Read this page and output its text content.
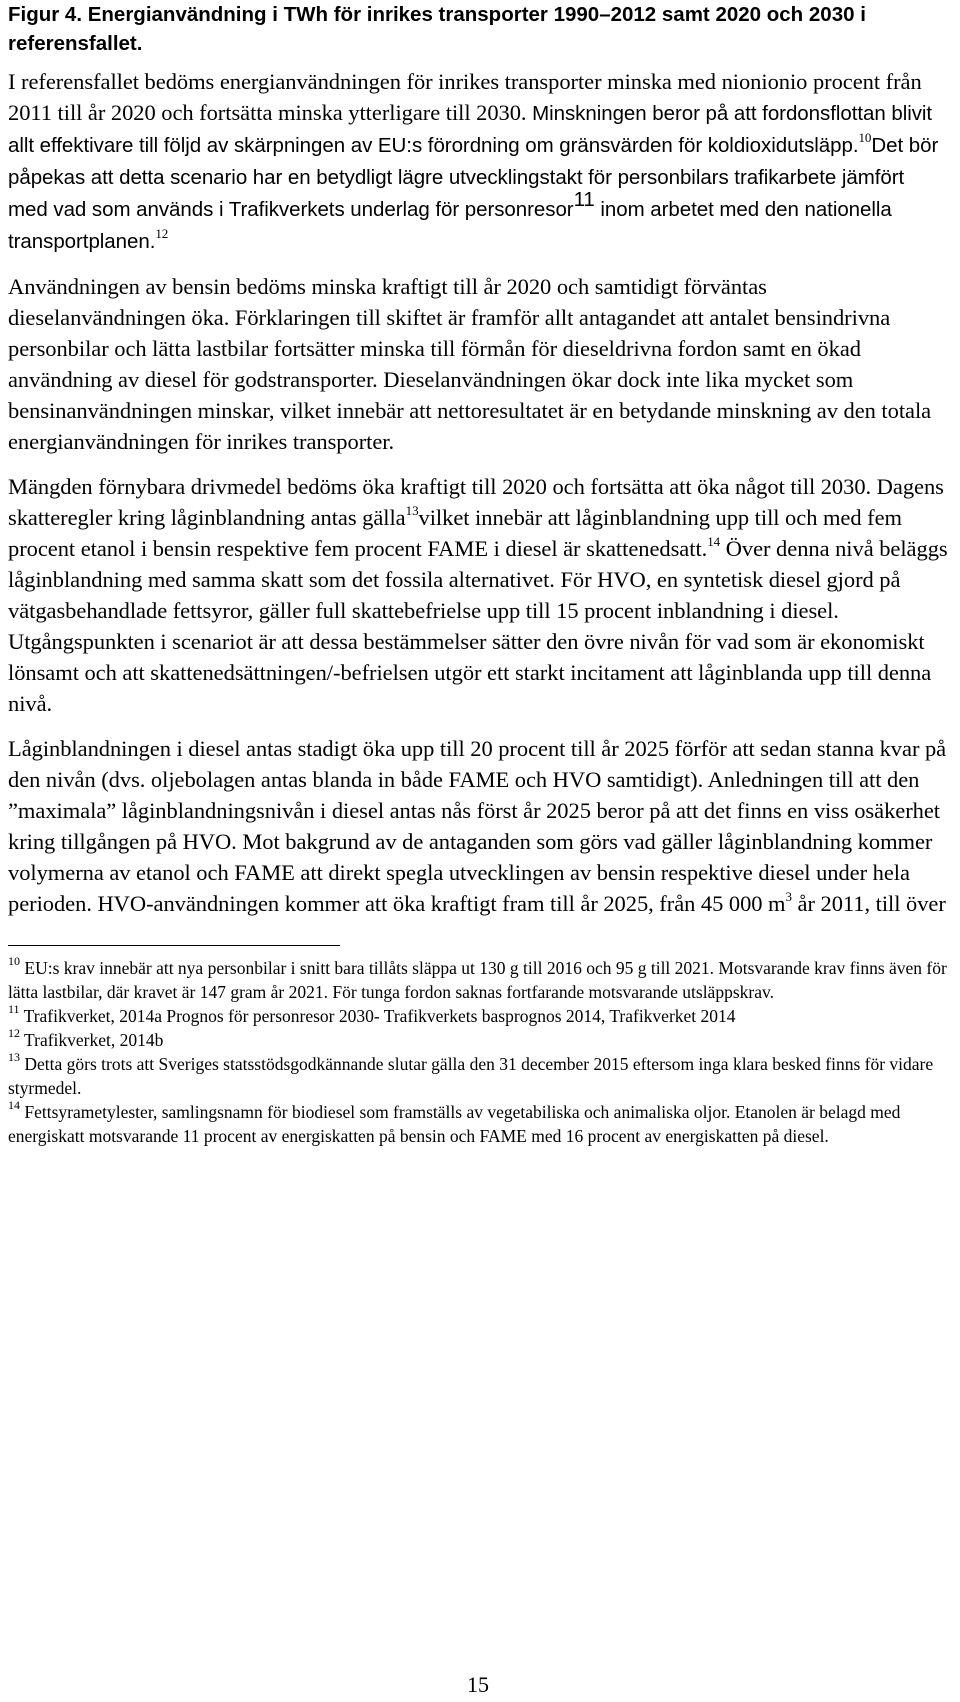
Figur 4. Energianvändning i TWh för inrikes transporter 1990–2012 samt 2020 och 2030 i referensfallet.

I referensfallet bedöms energianvändningen för inrikes transporter minska med nionionio procent från 2011 till år 2020 och fortsätta minska ytterligare till 2030. Minskningen beror på att fordonsflottan blivit allt effektivare till följd av skärpningen av EU:s förordning om gränsvärden för koldioxidutsläpp.$^{10}$Det bör påpekas att detta scenario har en betydligt lägre utvecklingstakt för personbilars trafikarbete jämfört med vad som används i Trafikverkets underlag för personresor$^{11}$ inom arbetet med den nationella transportplanen.$^{12}$

Användningen av bensin bedöms minska kraftigt till år 2020 och samtidigt förväntas dieselanvändningen öka. Förklaringen till skiftet är framför allt antagandet att antalet bensindrivna personbilar och lätta lastbilar fortsätter minska till förmån för dieseldrivna fordon samt en ökad användning av diesel för godstransporter. Dieselanvändningen ökar dock inte lika mycket som bensinanvändningen minskar, vilket innebär att nettoresultatet är en betydande minskning av den totala energianvändningen för inrikes transporter.

Mängden förnybara drivmedel bedöms öka kraftigt till 2020 och fortsätta att öka något till 2030. Dagens skatteregler kring låginblandning antas gälla$^{13}$vilket innebär att låginblandning upp till och med fem procent etanol i bensin respektive fem procent FAME i diesel är skattenedsatt.$^{14}$ Över denna nivå beläggs låginblandning med samma skatt som det fossila alternativet. För HVO, en syntetisk diesel gjord på vätgasbehandlade fettsyror, gäller full skattebefrielse upp till 15 procent inblandning i diesel. Utgångspunkten i scenariot är att dessa bestämmelser sätter den övre nivån för vad som är ekonomiskt lönsamt och att skattenedsättningen/-befrielsen utgör ett starkt incitament att låginblanda upp till denna nivå.

Låginblandningen i diesel antas stadigt öka upp till 20 procent till år 2025 förför att sedan stanna kvar på den nivån (dvs. oljebolagen antas blanda in både FAME och HVO samtidigt). Anledningen till att den ”maximala” låginblandningsnivån i diesel antas nås först år 2025 beror på att det finns en viss osäkerhet kring tillgången på HVO. Mot bakgrund av de antaganden som görs vad gäller låginblandning kommer volymerna av etanol och FAME att direkt spegla utvecklingen av bensin respektive diesel under hela perioden. HVO-användningen kommer att öka kraftigt fram till år 2025, från 45 000 $m^3$ år 2011, till över

$^{10}$ EU:s krav innebär att nya personbilar i snitt bara tillåts släppa ut 130 g till 2016 och 95 g till 2021. Motsvarande krav finns även för lätta lastbilar, där kravet är 147 gram år 2021. För tunga fordon saknas fortfarande motsvarande utsläppskrav.

$^{11}$ Trafikverket, 2014a Prognos för personresor 2030- Trafikverkets basprognos 2014, Trafikverket 2014

$^{12}$ Trafikverket, 2014b

$^{13}$ Detta görs trots att Sveriges statsstödsgodkännande slutar gälla den 31 december 2015 eftersom inga klara besked finns för vidare styrmedel.

$^{14}$ Fettsyrametylester, samlingsnamn för biodiesel som framställs av vegetabiliska och animaliska oljor. Etanolen är belagd med energiskatt motsvarande 11 procent av energiskatten på bensin och FAME med 16 procent av energiskatten på diesel.

15
